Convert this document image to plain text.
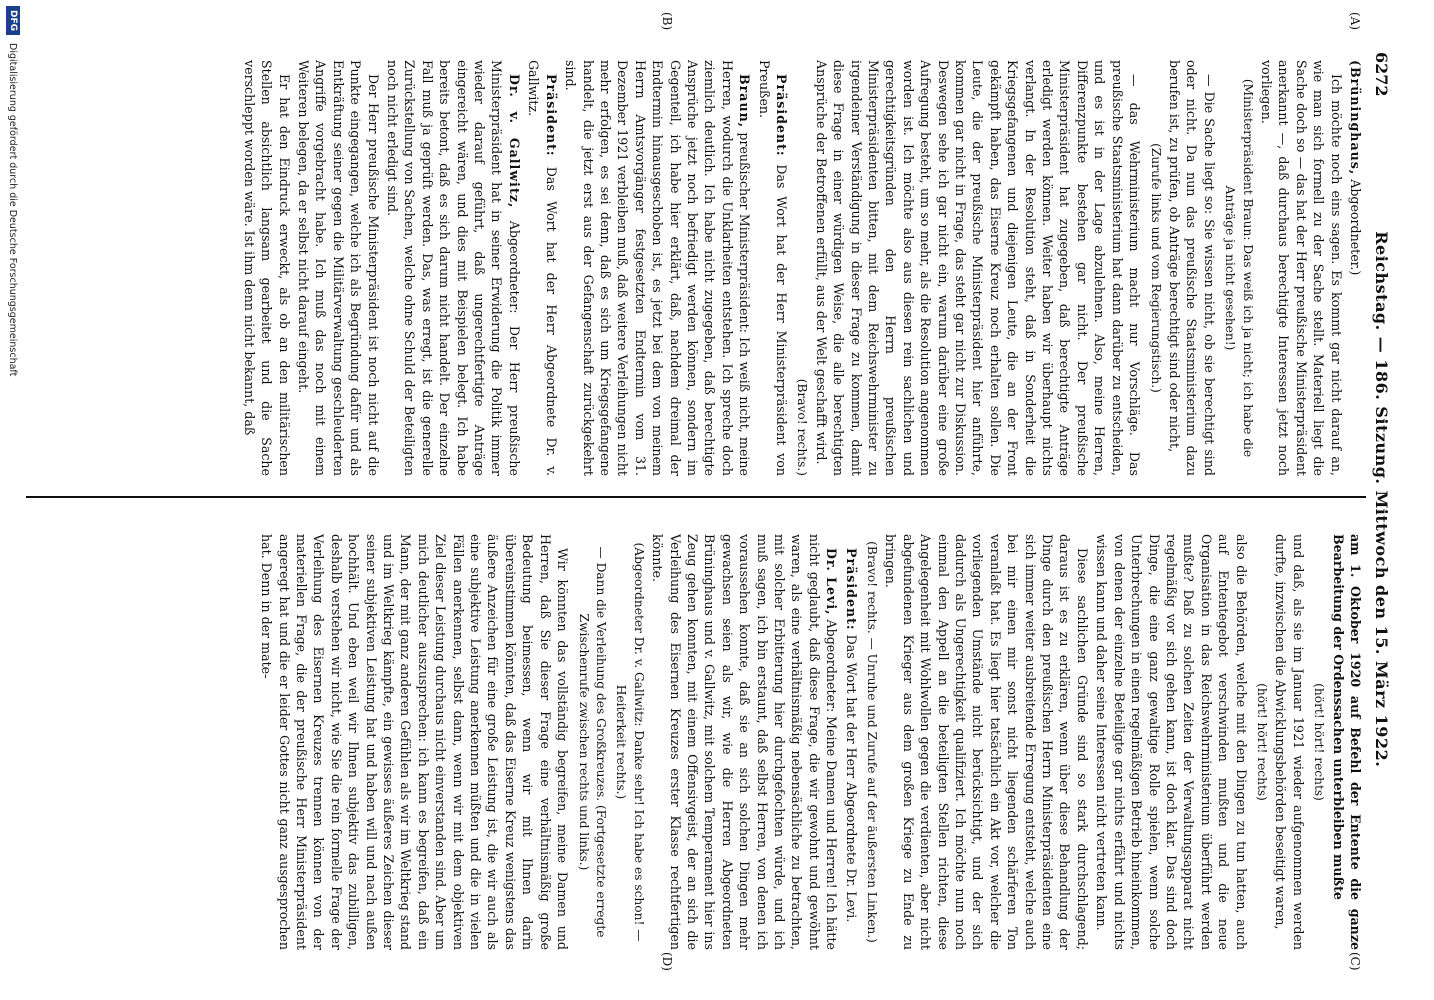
6272
Reichstag. — 186. Sitzung. Mittwoch den 15. März 1922.
(A)
(B)
(C)
(D)

(Brüninghaus, Abgeordneter.)

Ich möchte noch eins sagen. Es kommt gar nicht darauf an, wie man sich formell zu der Sache stellt. Materiell liegt die Sache doch so — das hat der Herr preußische Ministerpräsident anerkannt —, daß durchaus berechtigte Interessen jetzt noch vorliegen.

(Ministerpräsident Braun: Das weiß ich ja nicht; ich habe die Anträge ja nicht gesehen!)

— Die Sache liegt so: Sie wissen nicht, ob sie berechtigt sind oder nicht. Da nun das preußische Staatsministerium dazu berufen ist, zu prüfen, ob Anträge berechtigt sind oder nicht,

(Zurufe links und vom Regierungstisch.)

— das Wehrministerium macht nur Vorschläge. Das preußische Staatsministerium hat dann darüber zu entscheiden, und es ist in der Lage abzulehnen. Also, meine Herren, Differenzpunkte bestehen gar nicht. Der preußische Ministerpräsident hat zugegeben, daß berechtigte Anträge erledigt werden können. Weiter haben wir überhaupt nichts verlangt. In der Resolution steht, daß in Sonderheit die Kriegsgefangenen und diejenigen Leute, die an der Front gekämpft haben, das Eiserne Kreuz noch erhalten sollen. Die Leute, die der preußische Ministerpräsident hier anführte, kommen gar nicht in Frage, das steht gar nicht zur Diskussion. Deswegen sehe ich gar nicht ein, warum darüber eine große Aufregung besteht, um so mehr, als die Resolution angenommen worden ist. Ich möchte also aus diesen rein sachlichen und gerechtigkeitsgründen den Herrn preußischen Ministerpräsidenten bitten, mit dem Reichswehrminister zu irgendeiner Verständigung in dieser Frage zu kommen, damit diese Frage in einer würdigen Weise, die alle berechtigten Ansprüche der Betroffenen erfüllt, aus der Welt geschafft wird.

(Bravo! rechts.)

Präsident: Das Wort hat der Herr Ministerpräsident von Preußen.

Braun, preußischer Ministerpräsident: Ich weiß nicht, meine Herren, wodurch die Unklarheiten entstehen. Ich spreche doch ziemlich deutlich. Ich habe nicht zugegeben, daß berechtigte Ansprüche jetzt noch befriedigt werden können, sondern im Gegenteil, ich habe hier erklärt, daß, nachdem dreimal der Endtermin hinausgeschoben ist, es jetzt bei dem von meinem Herrn Amtsvorgänger festgesetzten Endtermin vom 31. Dezember 1921 verbleiben muß, daß weitere Verleihungen nicht mehr erfolgen, es sei denn, daß es sich um Kriegsgefangene handelt, die jetzt erst aus der Gefangenschaft zurückgekehrt sind.

Präsident: Das Wort hat der Herr Abgeordnete Dr. v. Gallwitz.

Dr. v. Gallwitz, Abgeordneter: Der Herr preußische Ministerpräsident hat in seiner Erwiderung die Politik immer wieder darauf geführt, daß ungerechtfertigte Anträge eingereicht wären, und dies mit Beispielen belegt. Ich habe bereits betont, daß es sich darum nicht handelt. Der einzelne Fall muß ja geprüft werden. Das, was erregt, ist die generelle Zurückstellung von Sachen, welche ohne Schuld der Beteiligten noch nicht erledigt sind.

Der Herr preußische Ministerpräsident ist noch nicht auf die Punkte eingegangen, welche ich als Begründung dafür und als Entkräftung seiner gegen die Militärverwaltung geschleuderten Angriffe vorgebracht habe. Ich muß das noch mit einem Weiteren belegen, da er selbst nicht darauf eingeht.

Er hat den Eindruck erweckt, als ob an den militärischen Stellen absichtlich langsam gearbeitet und die Sache verschleppt worden wäre. Ist ihm denn nicht bekannt, daß

am 1. Oktober 1920 auf Befehl der Entente die ganze Bearbeitung der Ordenssachen unterbleiben mußte

(hört! hört! rechts)

und daß, als sie im Januar 1921 wieder aufgenommen werden durfte, inzwischen die Abwicklungsbehörden beseitigt waren,

(hört! hört! rechts)

also die Behörden, welche mit den Dingen zu tun hatten, auch auf Ententegebot verschwinden mußten und die neue Organisation in das Reichswehrministerium überführt werden mußte? Daß zu solchen Zeiten der Verwaltungsapparat nicht regelmäßig vor sich gehen kann, ist doch klar. Das sind doch Dinge, die eine ganz gewaltige Rolle spielen, wenn solche Unterbrechungen in einen regelmäßigen Betrieb hineinkommen, von denen der einzelne Beteiligte gar nichts erfährt und nichts wissen kann und daher seine Interessen nicht vertreten kann.

Diese sachlichen Gründe sind so stark durchschlagend; daraus ist es zu erklären, wenn über diese Behandlung der Dinge durch den preußischen Herrn Ministerpräsidenten eine sich immer weiter ausbreitende Erregung entsteht, welche auch bei mir einen mir sonst nicht liegenden schärferen Ton veranlaßt hat. Es liegt hier tatsächlich ein Akt vor, welcher die vorliegenden Umstände nicht berücksichtigt, und der sich dadurch als Ungerechtigkeit qualifiziert. Ich möchte nun noch einmal den Appell an die beteiligten Stellen richten, diese Angelegenheit mit Wohlwollen gegen die verdienten, aber nicht abgefundenen Krieger aus dem großen Kriege zu Ende zu bringen.

(Bravo! rechts. — Unruhe und Zurufe auf der äußersten Linken.)

Präsident: Das Wort hat der Herr Abgeordnete Dr. Levi.

Dr. Levi, Abgeordneter: Meine Damen und Herren! Ich hätte nicht geglaubt, daß diese Frage, die wir gewohnt und gewöhnt waren, als eine verhältnismäßig nebensächliche zu betrachten, mit solcher Erbitterung hier durchgefochten würde, und ich muß sagen, ich bin erstaunt, daß selbst Herren, von denen ich voraussehen konnte, daß sie an sich solchen Dingen mehr gewachsen seien als wir, wie die Herren Abgeordneten Brüninghaus und v. Gallwitz, mit solchem Temperament hier ins Zeug gehen konnten, mit einem Offensivgeist, der an sich die Verleihung des Eisernen Kreuzes erster Klasse rechtfertigen könnte.

(Abgeordneter Dr. v. Gallwitz: Danke sehr! Ich habe es schon! — Heiterkeit rechts.)
— Dann die Verleihung des Großkreuzes. (Fortgesetzte erregte Zwischenrufe zwischen rechts und links.)

Wir könnten das vollständig begreifen, meine Damen und Herren, daß Sie dieser Frage eine verhältnismäßig große Bedeutung beimessen, wenn wir mit Ihnen darin übereinstimmen könnten, daß das Eiserne Kreuz wenigstens das äußere Anzeichen für eine große Leistung ist, die wir auch als eine subjektive Leistung anerkennen müßten und die in vielen Fällen anerkennen, selbst dann, wenn wir mit dem objektiven Ziel dieser Leistung durchaus nicht einverstanden sind. Aber um mich deutlicher auszusprechen: ich kann es begreifen, daß ein Mann, der mit ganz anderen Gefühlen als wir im Weltkrieg stand und im Weltkrieg kämpfte, ein gewisses äußeres Zeichen dieser seiner subjektiven Leistung hat und haben will und nach außen hochhält. Und eben weil wir Ihnen subjektiv das zubilligen, deshalb verstehen wir nicht, wie Sie die rein formelle Frage der Verleihung des Eisernen Kreuzes trennen können von der materiellen Frage, die der preußische Herr Ministerpräsident angeregt hat und die er leider Gottes nicht ganz ausgesprochen hat. Denn in der mate-

DFG
Digitalisierung gefördert durch die Deutsche Forschungsgemeinschaft
